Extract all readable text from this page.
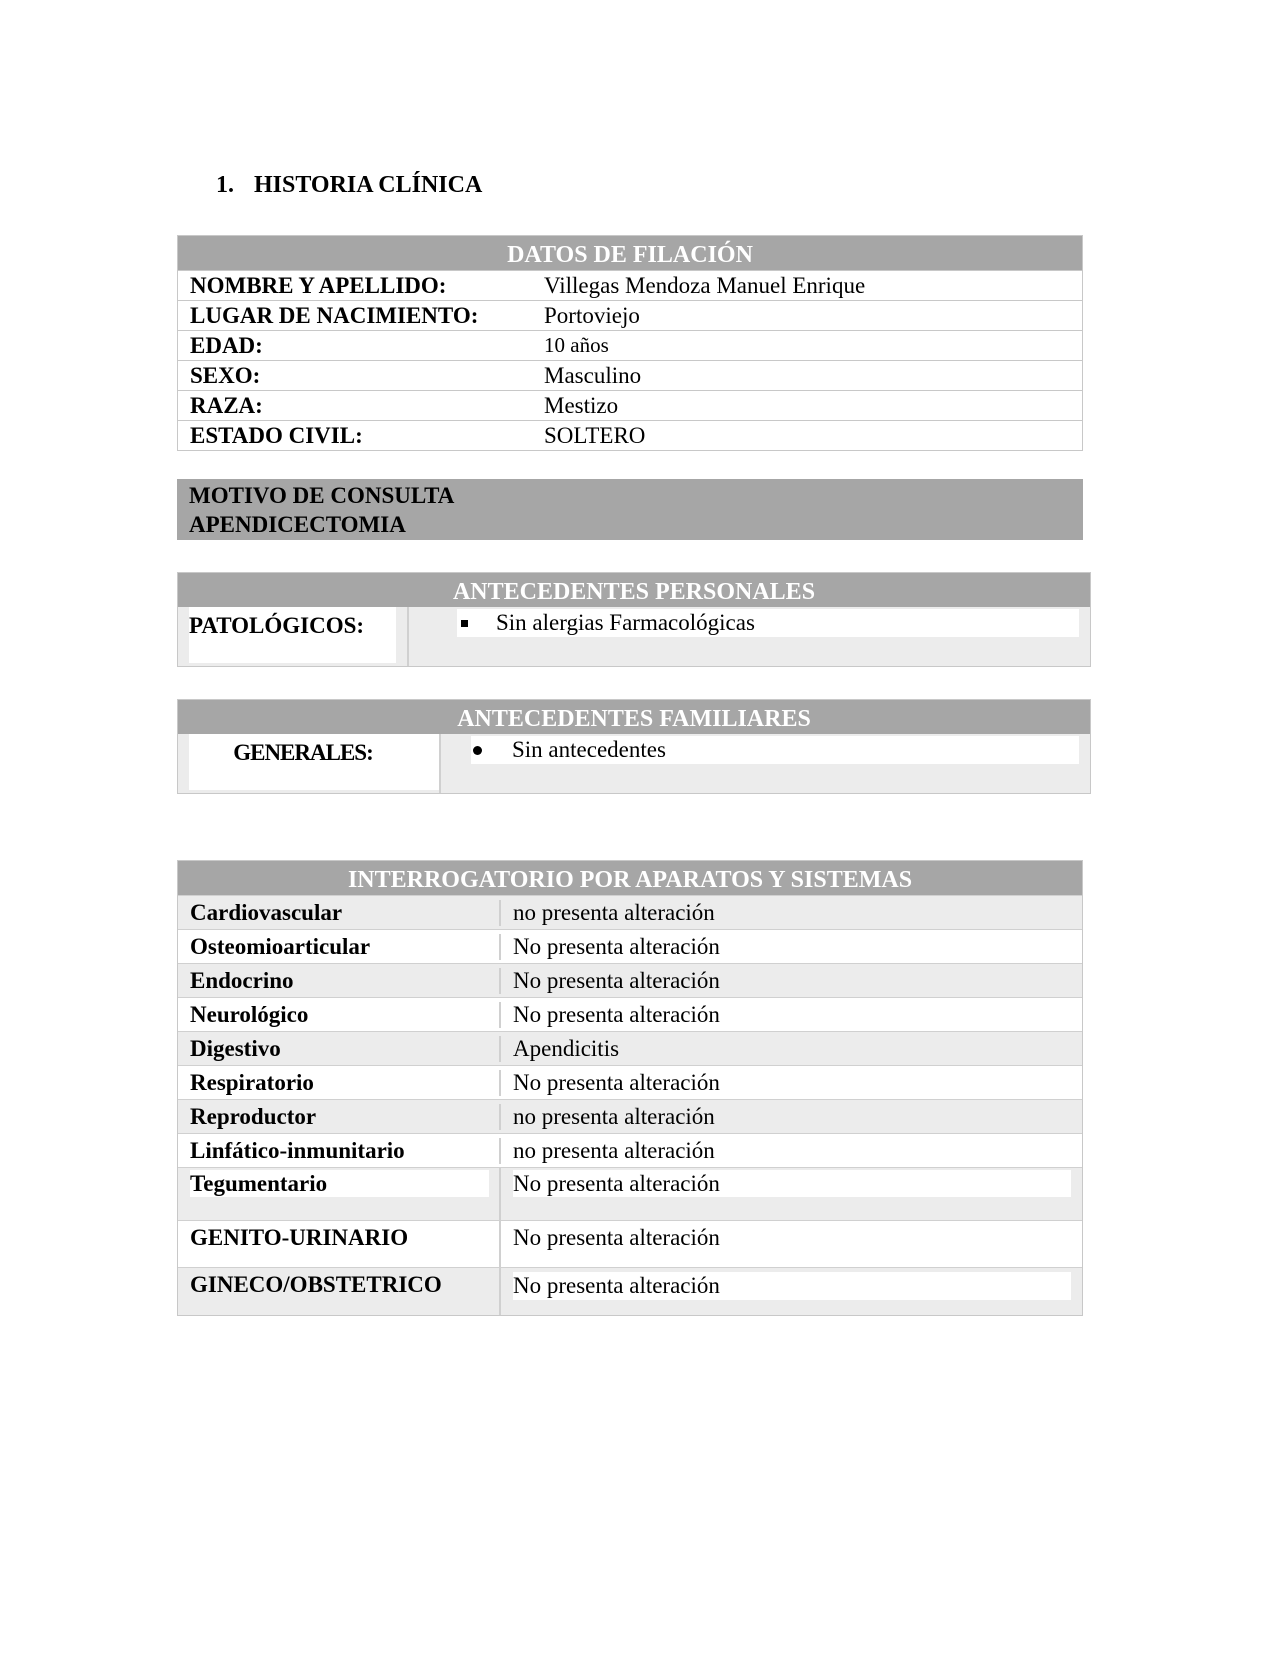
1. HISTORIA CLÍNICA
DATOS DE FILACIÓN
NOMBRE Y APELLIDO:	Villegas Mendoza Manuel Enrique
LUGAR DE NACIMIENTO:	Portoviejo
EDAD:	10 años
SEXO:	Masculino
RAZA:	Mestizo
ESTADO CIVIL:	SOLTERO
MOTIVO DE CONSULTA
APENDICECTOMIA
ANTECEDENTES PERSONALES
PATOLÓGICOS:	Sin alergias Farmacológicas
ANTECEDENTES FAMILIARES
GENERALES:	Sin antecedentes
INTERROGATORIO POR APARATOS Y SISTEMAS
Cardiovascular	no presenta alteración
Osteomioarticular	No presenta alteración
Endocrino	No presenta alteración
Neurológico	No presenta alteración
Digestivo	Apendicitis
Respiratorio	No presenta alteración
Reproductor	no presenta alteración
Linfático-inmunitario	no presenta alteración
Tegumentario	No presenta alteración
GENITO-URINARIO	No presenta alteración
GINECO/OBSTETRICO	No presenta alteración
